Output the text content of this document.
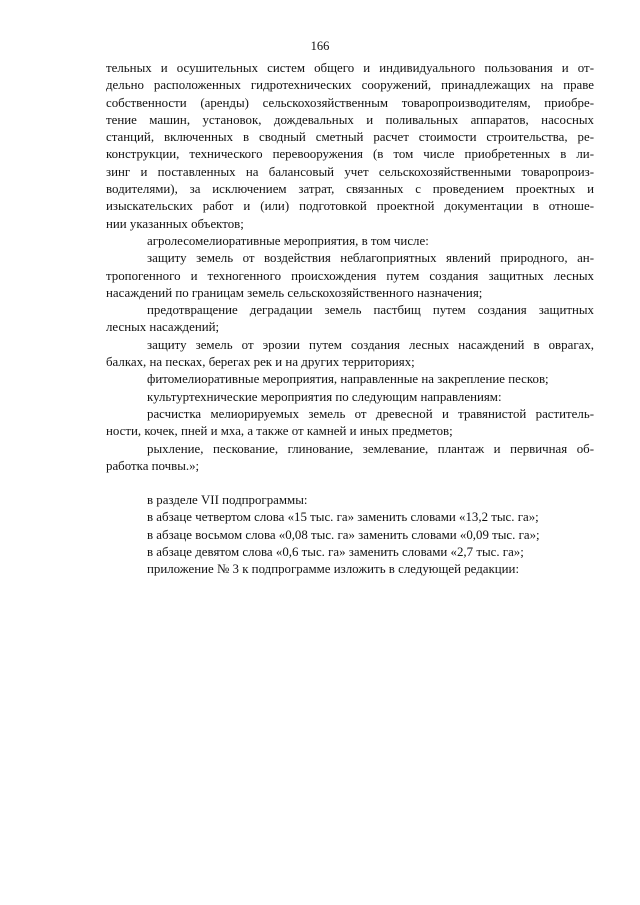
166

тельных и осушительных систем общего и индивидуального пользования и от-

дельно расположенных гидротехнических сооружений, принадлежащих на праве

собственности (аренды) сельскохозяйственным товаропроизводителям, приобре-

тение машин, установок, дождевальных и поливальных аппаратов, насосных

станций, включенных в сводный сметный расчет стоимости строительства, ре-

конструкции, технического перевооружения (в том числе приобретенных в ли-

зинг и поставленных на балансовый учет сельскохозяйственными товаропроиз-

водителями), за исключением затрат, связанных с проведением проектных и

изыскательских работ и (или) подготовкой проектной документации в отноше-

нии указанных объектов;

агролесомелиоративные мероприятия, в том числе:

защиту земель от воздействия неблагоприятных явлений природного, ан-

тропогенного и техногенного происхождения путем создания защитных лесных

насаждений по границам земель сельскохозяйственного назначения;

предотвращение деградации земель пастбищ путем создания защитных

лесных насаждений;

защиту земель от эрозии путем создания лесных насаждений в оврагах,

балках, на песках, берегах рек и на других территориях;

фитомелиоративные мероприятия, направленные на закрепление песков;

культуртехнические мероприятия по следующим направлениям:

расчистка мелиорируемых земель от древесной и травянистой раститель-

ности, кочек, пней и мха, а также от камней и иных предметов;

рыхление, пескование, глинование, землевание, плантаж и первичная об-

работка почвы.»;

в разделе VII подпрограммы:

в абзаце четвертом слова «15 тыс. га» заменить словами «13,2 тыс. га»;

в абзаце восьмом слова «0,08 тыс. га» заменить словами «0,09 тыс. га»;

в абзаце девятом слова «0,6 тыс. га» заменить словами «2,7 тыс. га»;

приложение № 3 к подпрограмме изложить в следующей редакции:
